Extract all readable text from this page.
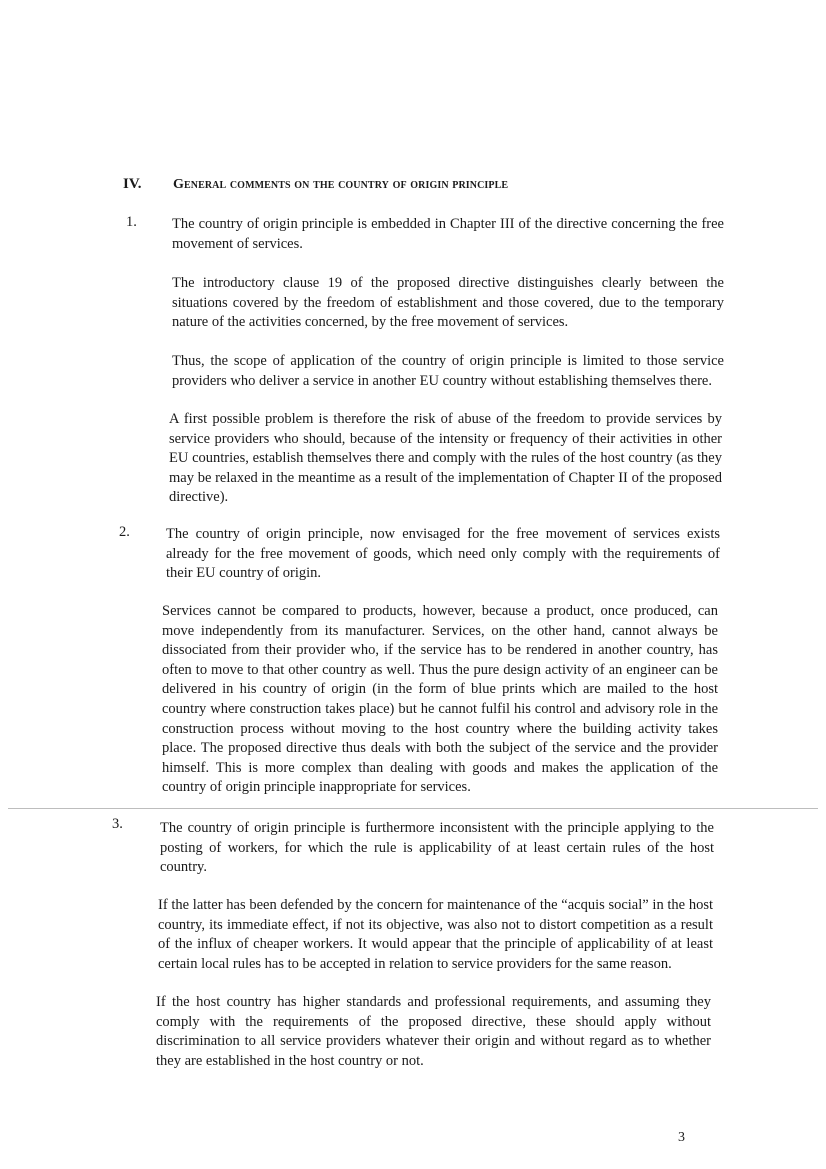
IV. General comments on the country of origin principle
1. The country of origin principle is embedded in Chapter III of the directive concerning the free movement of services.

The introductory clause 19 of the proposed directive distinguishes clearly between the situations covered by the freedom of establishment and those covered, due to the temporary nature of the activities concerned, by the free movement of services.

Thus, the scope of application of the country of origin principle is limited to those service providers who deliver a service in another EU country without establishing themselves there.

A first possible problem is therefore the risk of abuse of the freedom to provide services by service providers who should, because of the intensity or frequency of their activities in other EU countries, establish themselves there and comply with the rules of the host country (as they may be relaxed in the meantime as a result of the implementation of Chapter II of the proposed directive).

2. The country of origin principle, now envisaged for the free movement of services exists already for the free movement of goods, which need only comply with the requirements of their EU country of origin.

Services cannot be compared to products, however, because a product, once produced, can move independently from its manufacturer. Services, on the other hand, cannot always be dissociated from their provider who, if the service has to be rendered in another country, has often to move to that other country as well. Thus the pure design activity of an engineer can be delivered in his country of origin (in the form of blue prints which are mailed to the host country where construction takes place) but he cannot fulfil his control and advisory role in the construction process without moving to the host country where the building activity takes place. The proposed directive thus deals with both the subject of the service and the provider himself. This is more complex than dealing with goods and makes the application of the country of origin principle inappropriate for services.

3.	The country of origin principle is furthermore inconsistent with the principle applying to the posting of workers, for which the rule is applicability of at least certain rules of the host country.

If the latter has been defended by the concern for maintenance of the “acquis social” in the host country, its immediate effect, if not its objective, was also not to distort competition as a result of the influx of cheaper workers. It would appear that the principle of applicability of at least certain local rules has to be accepted in relation to service providers for the same reason.

If the host country has higher standards and professional requirements, and assuming they comply with the requirements of the proposed directive, these should apply without discrimination to all service providers whatever their origin and without regard as to whether they are established in the host country or not.

3
